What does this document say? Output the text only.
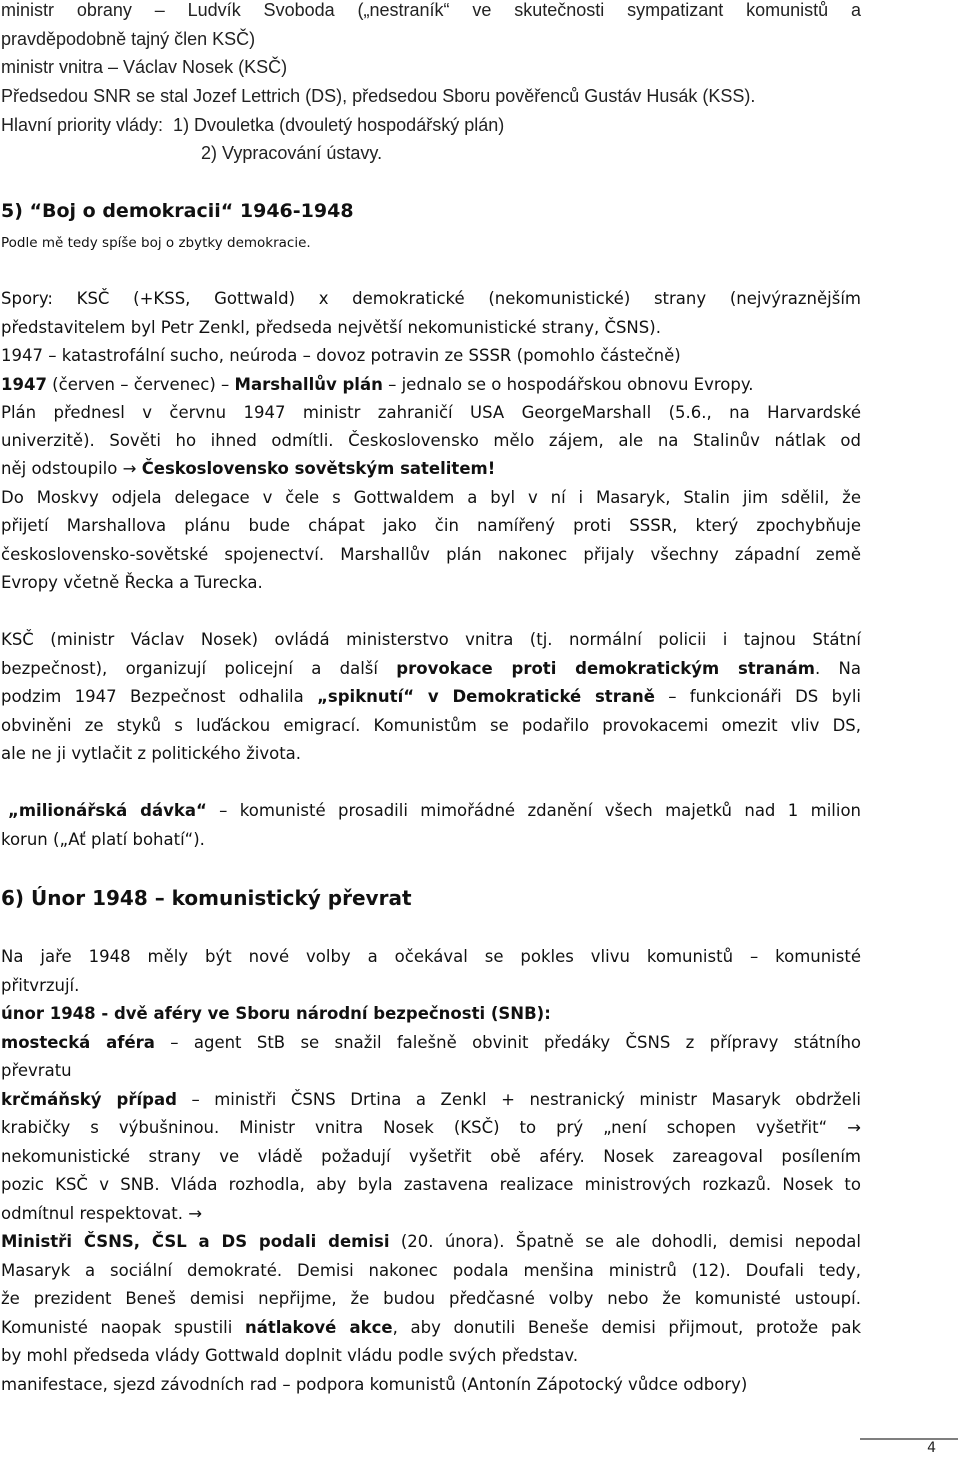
ministr obrany – Ludvík Svoboda („nestraník“ ve skutečnosti sympatizant komunistů a
pravděpodobně tajný člen KSČ)
ministr vnitra – Václav Nosek (KSČ)
Předsedou SNR se stal Jozef Lettrich (DS), předsedou Sboru pověřenců Gustáv Husák (KSS).
Hlavní priority vlády:  1) Dvouletka (dvouletý hospodářský plán)
2) Vypracování ústavy.
5) “Boj o demokracii“ 1946-1948
Podle mě tedy spíše boj o zbytky demokracie.
Spory: KSČ (+KSS, Gottwald) x demokratické (nekomunistické) strany (nejvýraznějším
představitelem byl Petr Zenkl, předseda největší nekomunistické strany, ČSNS).
1947 – katastrofální sucho, neúroda – dovoz potravin ze SSSR (pomohlo částečně)
1947 (červen – červenec) – Marshallův plán – jednalo se o hospodářskou obnovu Evropy.
Plán přednesl v červnu 1947 ministr zahraničí USA GeorgeMarshall (5.6., na Harvardské
univerzitě). Sověti ho ihned odmítli. Československo mělo zájem, ale na Stalinův nátlak od
něj odstoupilo → Československo sovětským satelitem!
Do Moskvy odjela delegace v čele s Gottwaldem a byl v ní i Masaryk, Stalin jim sdělil, že
přijetí Marshallova plánu bude chápat jako čin namířený proti SSSR, který zpochybňuje
československo-sovětské spojenectví. Marshallův plán nakonec přijaly všechny západní země
Evropy včetně Řecka a Turecka.
KSČ (ministr Václav Nosek) ovládá ministerstvo vnitra (tj. normální policii i tajnou Státní
bezpečnost), organizují policejní a další provokace proti demokratickým stranám. Na
podzim 1947 Bezpečnost odhalila „spiknutí“ v Demokratické straně – funkcionáři DS byli
obviněni ze styků s luďáckou emigrací. Komunistům se podařilo provokacemi omezit vliv DS,
ale ne ji vytlačit z politického života.
„milionářská dávka“ – komunisté prosadili mimořádné zdanění všech majetků nad 1 milion
korun („Ať platí bohatí“).
6) Únor 1948 – komunistický převrat
Na jaře 1948 měly být nové volby a očekával se pokles vlivu komunistů – komunisté
přitvrzují.
únor 1948 - dvě aféry ve Sboru národní bezpečnosti (SNB):
mostecká aféra – agent StB se snažil falešně obvinit předáky ČSNS z přípravy státního
převratu
krčmáňský případ – ministři ČSNS Drtina a Zenkl + nestranický ministr Masaryk obdrželi
krabičky s výbušninou. Ministr vnitra Nosek (KSČ) to prý „není schopen vyšetřit“ →
nekomunistické strany ve vládě požadují vyšetřit obě aféry. Nosek zareagoval posílením
pozic KSČ v SNB. Vláda rozhodla, aby byla zastavena realizace ministrových rozkazů. Nosek to
odmítnul respektovat. →
Ministři ČSNS, ČSL a DS podali demisi (20. února). Špatně se ale dohodli, demisi nepodal
Masaryk a sociální demokraté. Demisi nakonec podala menšina ministrů (12). Doufali tedy,
že prezident Beneš demisi nepřijme, že budou předčasné volby nebo že komunisté ustoupí.
Komunisté naopak spustili nátlakové akce, aby donutili Beneše demisi přijmout, protože pak
by mohl předseda vlády Gottwald doplnit vládu podle svých představ.
manifestace, sjezd závodních rad – podpora komunistů (Antonín Zápotocký vůdce odbory)
4
